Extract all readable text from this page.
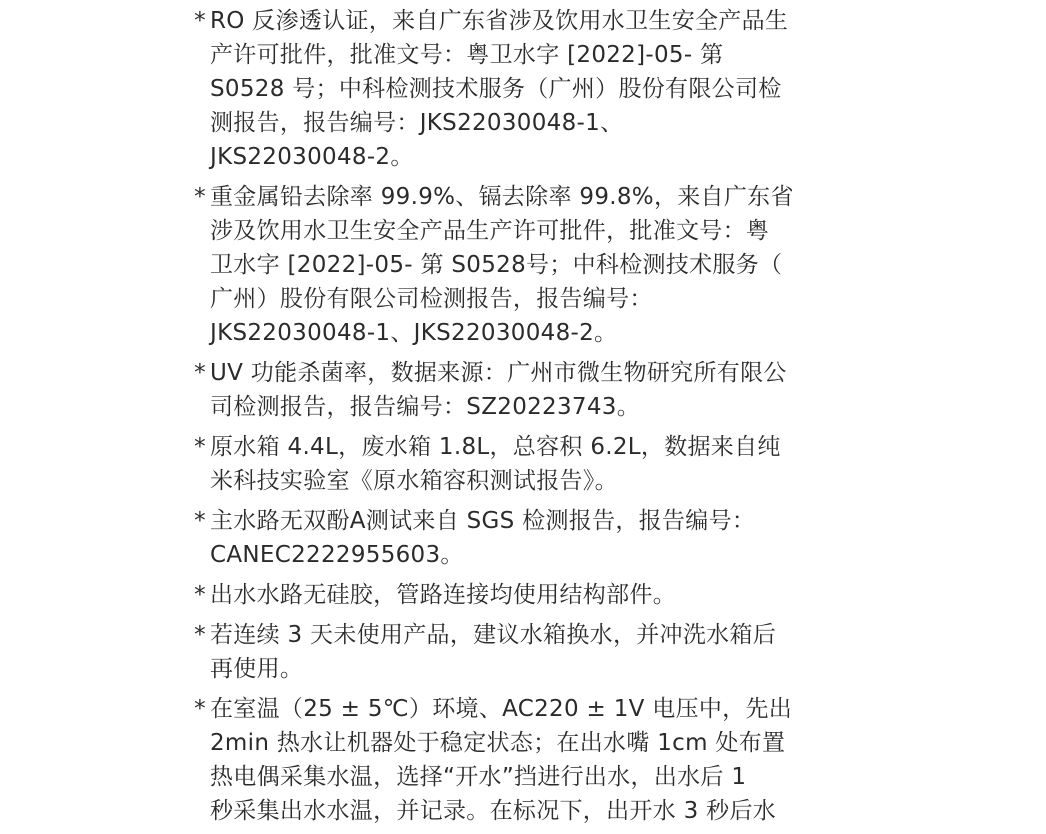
* RO 反渗透认证，来自广东省涉及饮用水卫生安全产品生
产许可批件，批准文号：粤卫水字 [2022]-05- 第
S0528 号；中科检测技术服务（广州）股份有限公司检
测报告，报告编号：JKS22030048-1、
JKS22030048-2。
* 重金属铅去除率 99.9%、镉去除率 99.8%，来自广东省
涉及饮用水卫生安全产品生产许可批件，批准文号：粤
卫水字 [2022]-05- 第 S0528号；中科检测技术服务（
广州）股份有限公司检测报告，报告编号：
JKS22030048-1、JKS22030048-2。
* UV 功能杀菌率，数据来源：广州市微生物研究所有限公
司检测报告，报告编号：SZ20223743。
* 原水箱 4.4L，废水箱 1.8L，总容积 6.2L，数据来自纯
米科技实验室《原水箱容积测试报告》。
* 主水路无双酚A测试来自 SGS 检测报告，报告编号：
CANEC2222955603。
* 出水水路无硅胶，管路连接均使用结构部件。
* 若连续 3 天未使用产品，建议水箱换水，并冲洗水箱后
再使用。
* 在室温（25 ± 5℃）环境、AC220 ± 1V 电压中，先出
2min 热水让机器处于稳定状态；在出水嘴 1cm 处布置
热电偶采集水温，选择“开水”挡进行出水，出水后 1
秒采集出水水温，并记录。在标况下，出开水 3 秒后水
